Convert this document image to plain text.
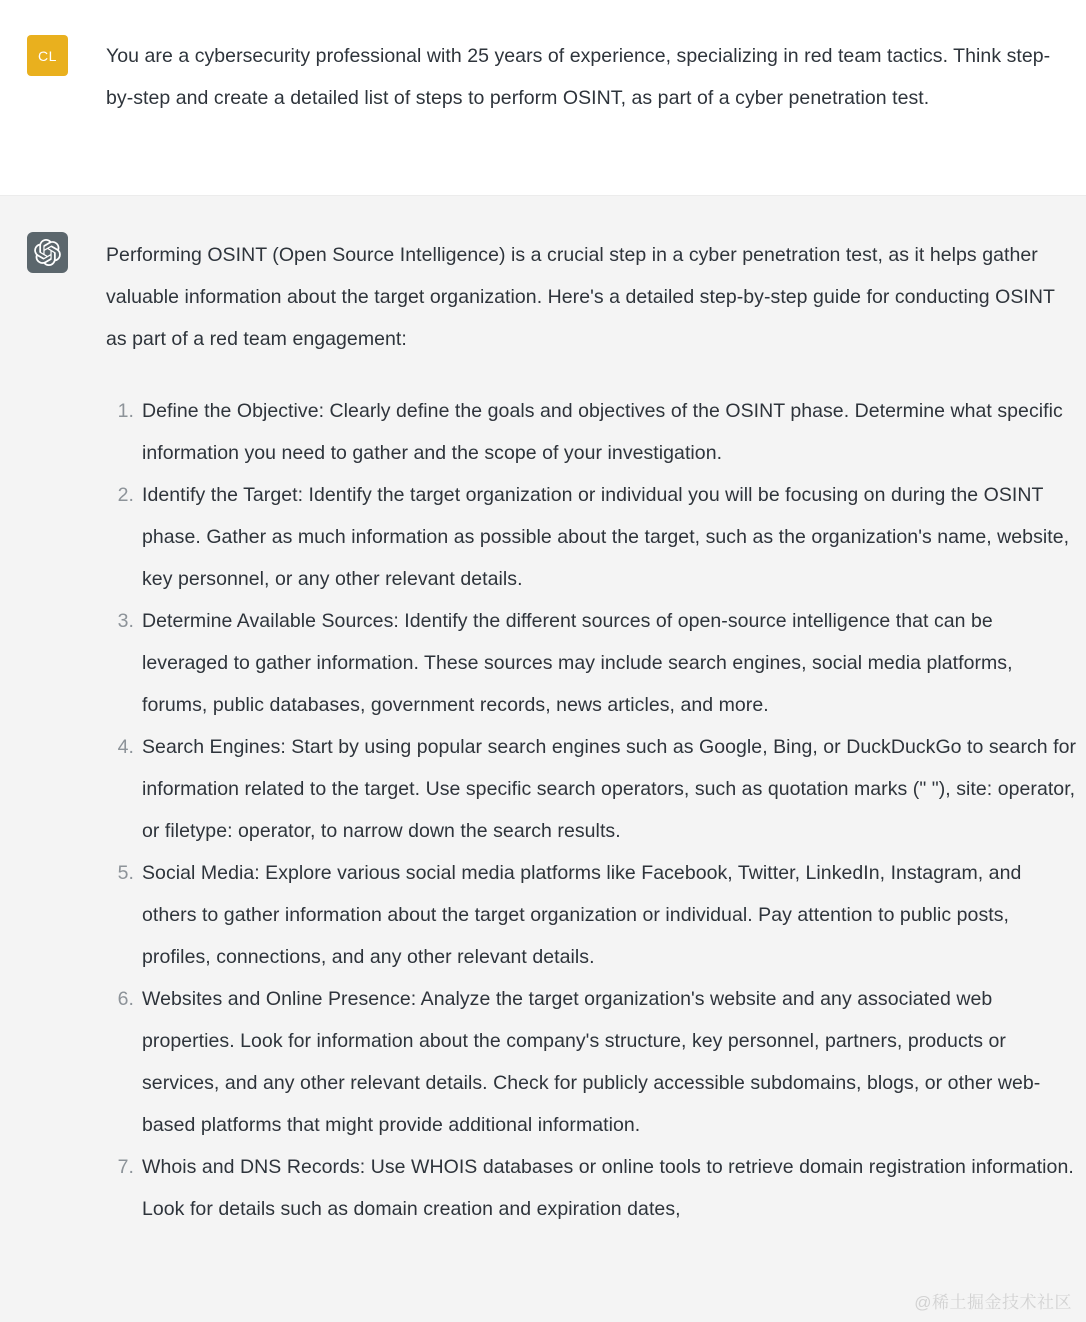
CL	You are a cybersecurity professional with 25 years of experience, specializing in red team tactics. Think step-by-step and create a detailed list of steps to perform OSINT, as part of a cyber penetration test.

Performing OSINT (Open Source Intelligence) is a crucial step in a cyber penetration test, as it helps gather valuable information about the target organization. Here's a detailed step-by-step guide for conducting OSINT as part of a red team engagement:

Define the Objective: Clearly define the goals and objectives of the OSINT phase. Determine what specific information you need to gather and the scope of your investigation.
Identify the Target: Identify the target organization or individual you will be focusing on during the OSINT phase. Gather as much information as possible about the target, such as the organization's name, website, key personnel, or any other relevant details.
Determine Available Sources: Identify the different sources of open-source intelligence that can be leveraged to gather information. These sources may include search engines, social media platforms, forums, public databases, government records, news articles, and more.
Search Engines: Start by using popular search engines such as Google, Bing, or DuckDuckGo to search for information related to the target. Use specific search operators, such as quotation marks (" "), site: operator, or filetype: operator, to narrow down the search results.
Social Media: Explore various social media platforms like Facebook, Twitter, LinkedIn, Instagram, and others to gather information about the target organization or individual. Pay attention to public posts, profiles, connections, and any other relevant details.
Websites and Online Presence: Analyze the target organization's website and any associated web properties. Look for information about the company's structure, key personnel, partners, products or services, and any other relevant details. Check for publicly accessible subdomains, blogs, or other web-based platforms that might provide additional information.
Whois and DNS Records: Use WHOIS databases or online tools to retrieve domain registration information. Look for details such as domain creation and expiration dates,
@稀土掘金技术社区
